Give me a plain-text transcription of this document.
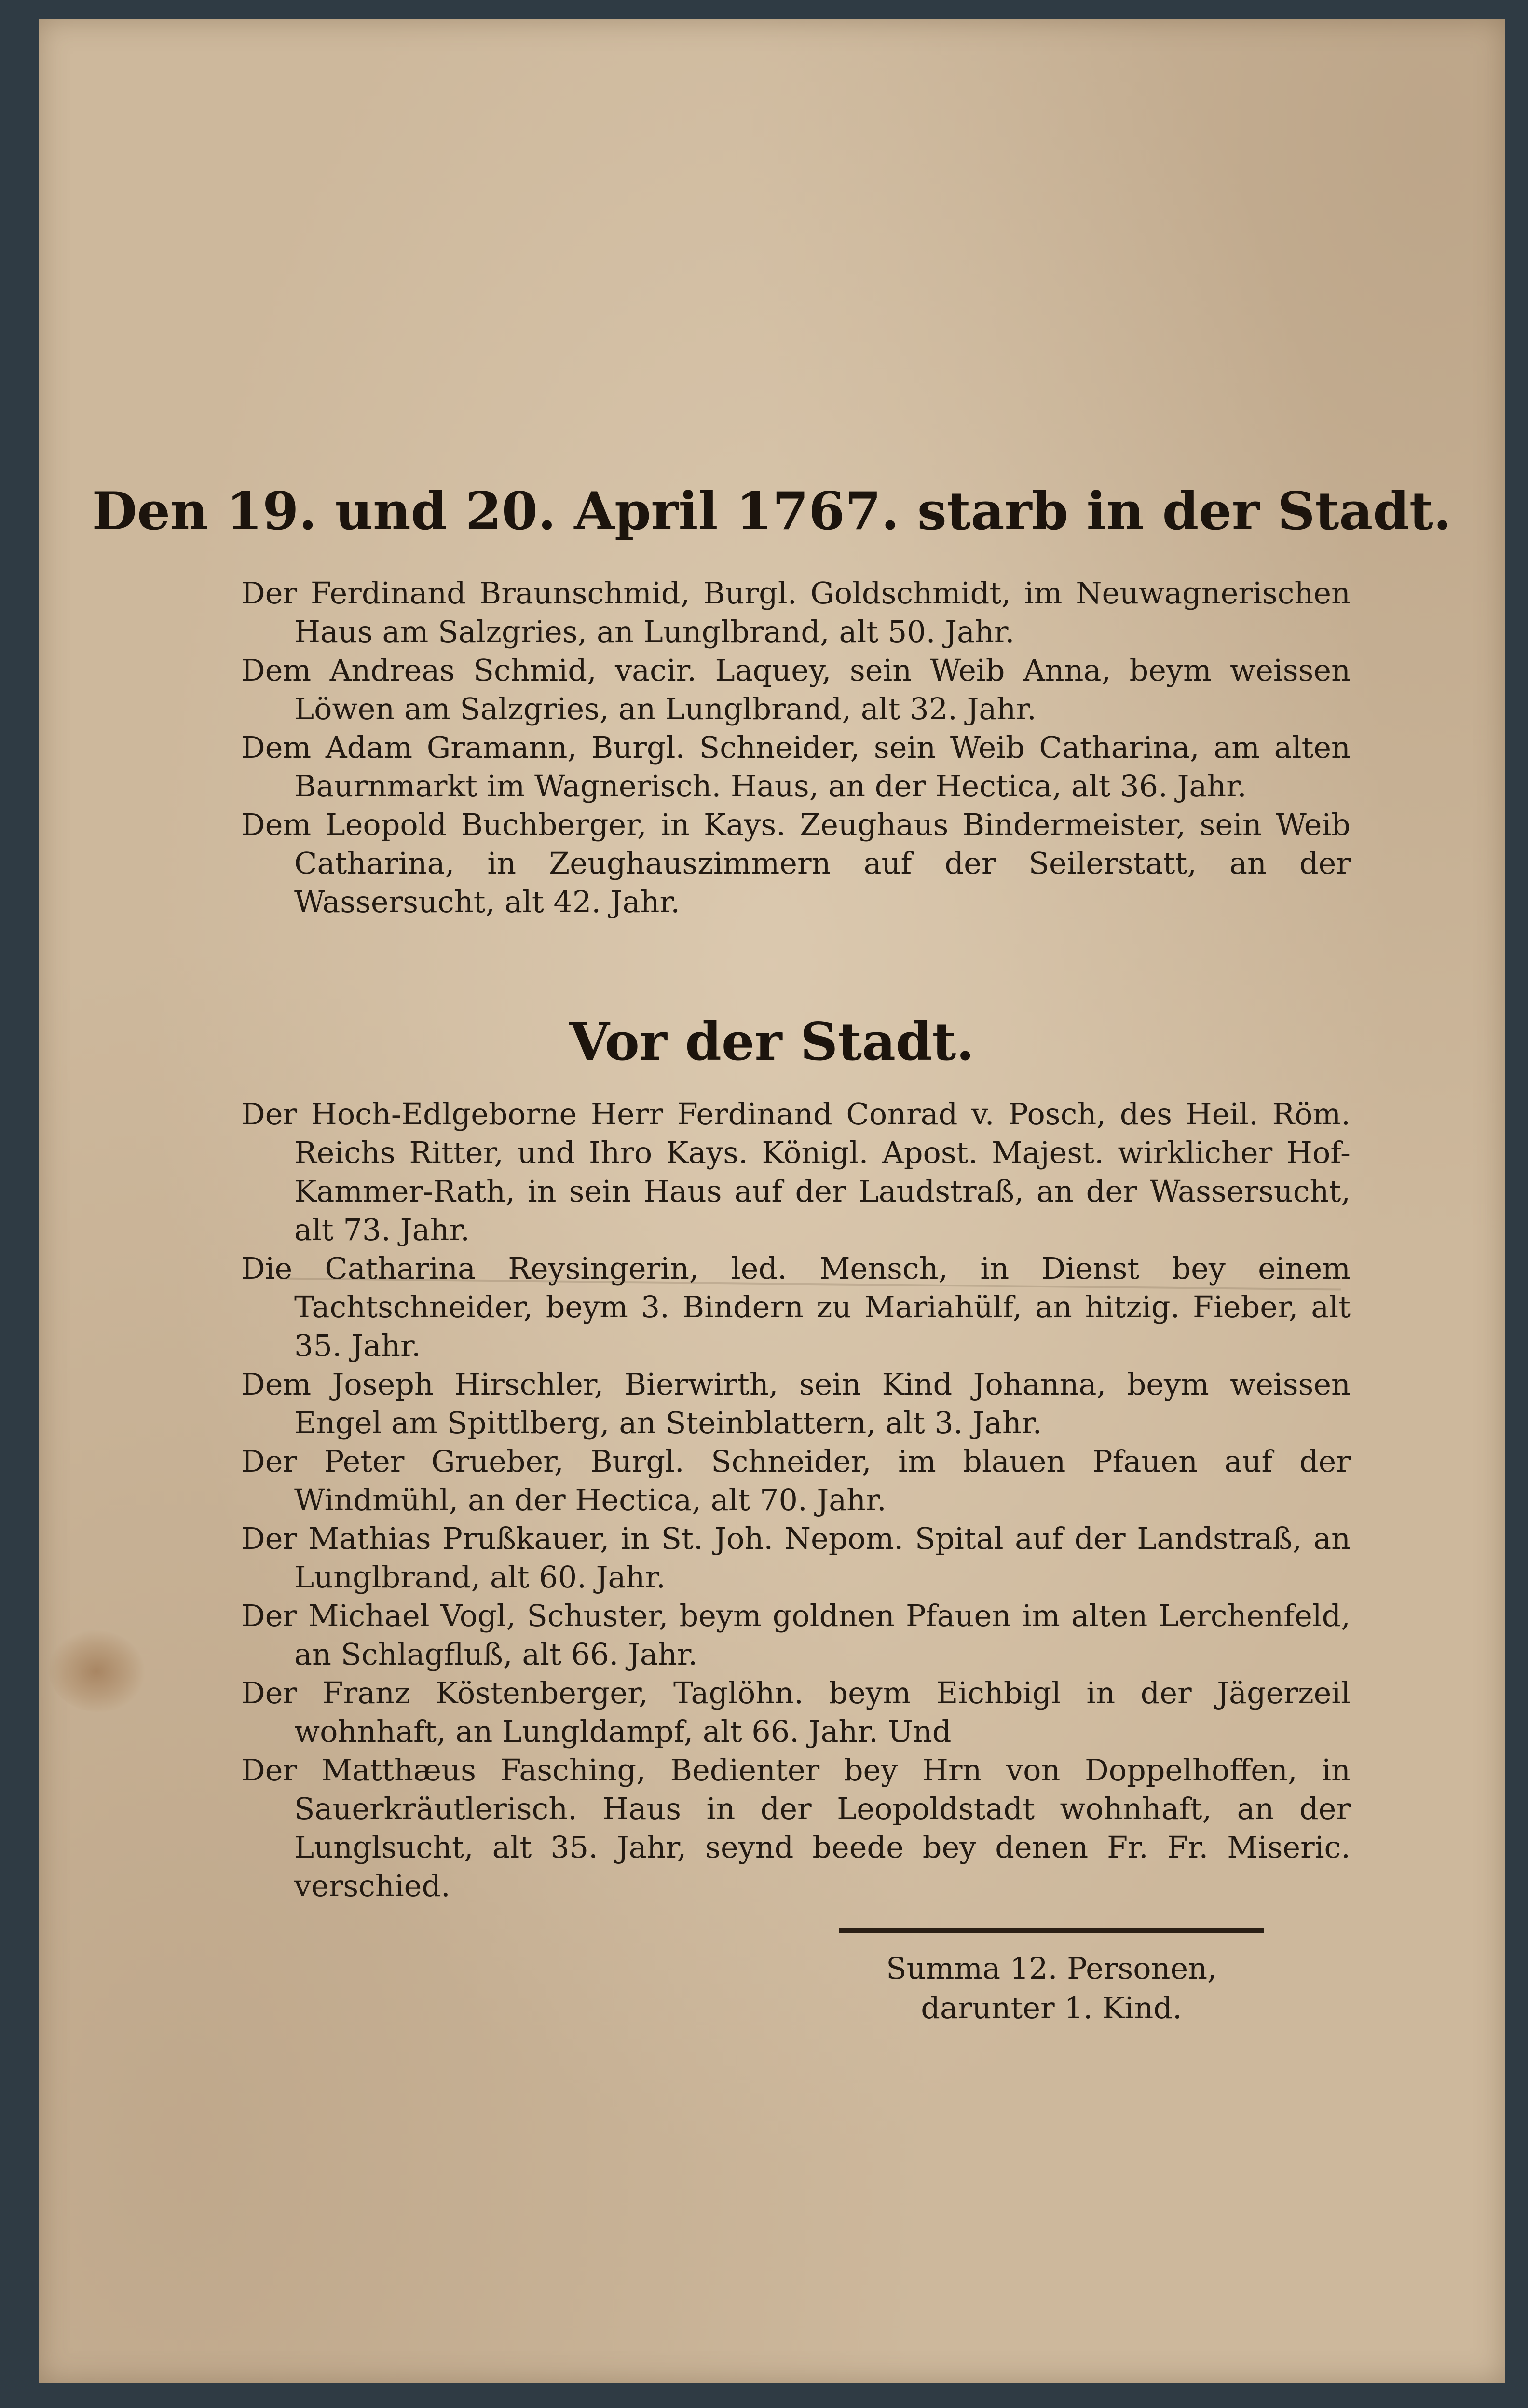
Den 19. und 20. April 1767. starb in der Stadt.

Der Ferdinand Braunschmid, Burgl. Goldschmidt, im Neuwagnerischen Haus am Salzgries, an Lunglbrand, alt 50. Jahr.

Dem Andreas Schmid, vacir. Laquey, sein Weib Anna, beym weissen Löwen am Salzgries, an Lunglbrand, alt 32. Jahr.

Dem Adam Gramann, Burgl. Schneider, sein Weib Catharina, am alten Baurnmarkt im Wagnerisch. Haus, an der Hectica, alt 36. Jahr.

Dem Leopold Buchberger, in Kays. Zeughaus Bindermeister, sein Weib Catharina, in Zeughauszimmern auf der Seilerstatt, an der Wassersucht, alt 42. Jahr.

Vor der Stadt.

Der Hoch-Edlgeborne Herr Ferdinand Conrad v. Posch, des Heil. Röm. Reichs Ritter, und Ihro Kays. Königl. Apost. Majest. wirklicher Hof-Kammer-Rath, in sein Haus auf der Laudstraß, an der Wassersucht, alt 73. Jahr.

Die Catharina Reysingerin, led. Mensch, in Dienst bey einem Tachtschneider, beym 3. Bindern zu Mariahülf, an hitzig. Fieber, alt 35. Jahr.

Dem Joseph Hirschler, Bierwirth, sein Kind Johanna, beym weissen Engel am Spittlberg, an Steinblattern, alt 3. Jahr.

Der Peter Grueber, Burgl. Schneider, im blauen Pfauen auf der Windmühl, an der Hectica, alt 70. Jahr.

Der Mathias Prußkauer, in St. Joh. Nepom. Spital auf der Landstraß, an Lunglbrand, alt 60. Jahr.

Der Michael Vogl, Schuster, beym goldnen Pfauen im alten Lerchenfeld, an Schlagfluß, alt 66. Jahr.

Der Franz Köstenberger, Taglöhn. beym Eichbigl in der Jägerzeil wohnhaft, an Lungldampf, alt 66. Jahr. Und

Der Matthæus Fasching, Bedienter bey Hrn von Doppelhoffen, in Sauerkräutlerisch. Haus in der Leopoldstadt wohnhaft, an der Lunglsucht, alt 35. Jahr, seynd beede bey denen Fr. Fr. Miseric. verschied.

Summa 12. Personen,
darunter 1. Kind.
